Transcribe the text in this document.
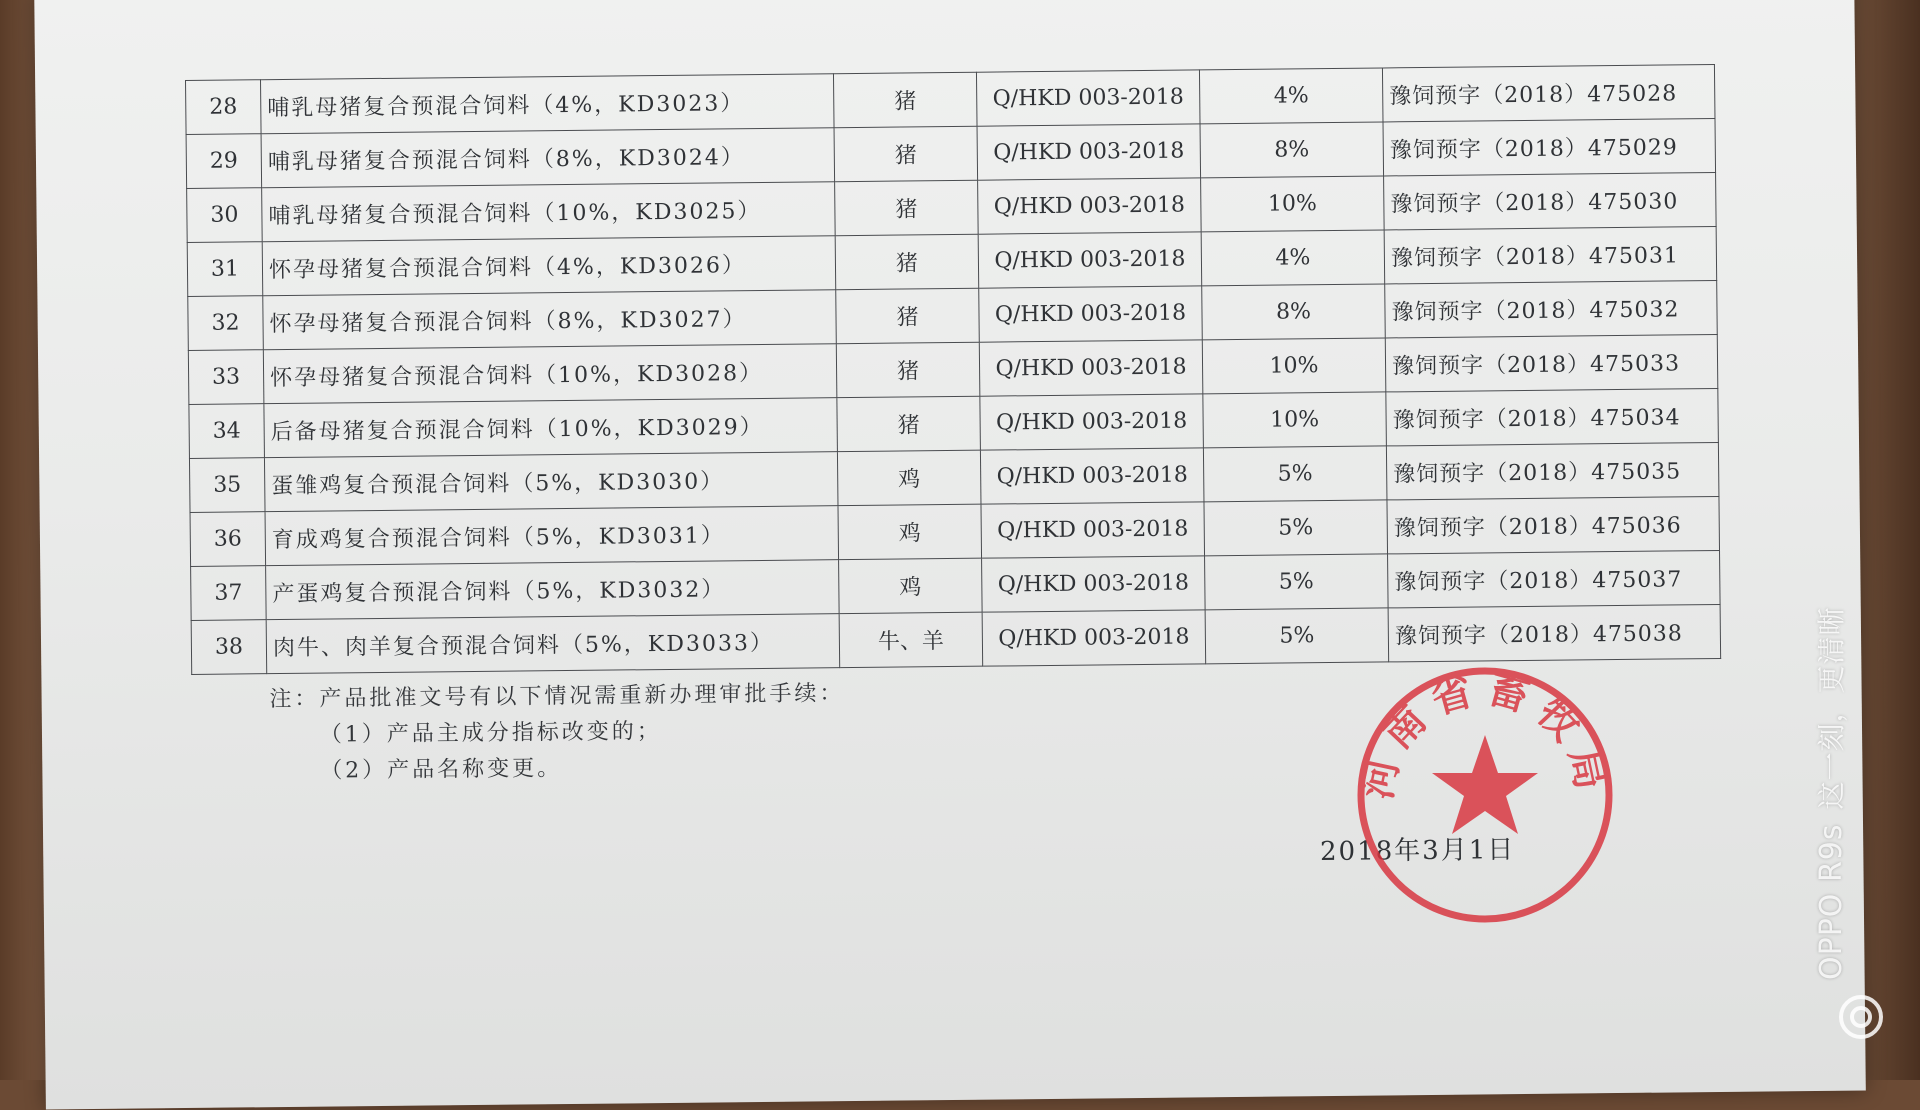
28	哺乳母猪复合预混合饲料（4%，KD3023）	猪	Q/HKD 003-2018	4%	豫饲预字（2018）475028
29	哺乳母猪复合预混合饲料（8%，KD3024）	猪	Q/HKD 003-2018	8%	豫饲预字（2018）475029
30	哺乳母猪复合预混合饲料（10%，KD3025）	猪	Q/HKD 003-2018	10%	豫饲预字（2018）475030
31	怀孕母猪复合预混合饲料（4%，KD3026）	猪	Q/HKD 003-2018	4%	豫饲预字（2018）475031
32	怀孕母猪复合预混合饲料（8%，KD3027）	猪	Q/HKD 003-2018	8%	豫饲预字（2018）475032
33	怀孕母猪复合预混合饲料（10%，KD3028）	猪	Q/HKD 003-2018	10%	豫饲预字（2018）475033
34	后备母猪复合预混合饲料（10%，KD3029）	猪	Q/HKD 003-2018	10%	豫饲预字（2018）475034
35	蛋雏鸡复合预混合饲料（5%，KD3030）	鸡	Q/HKD 003-2018	5%	豫饲预字（2018）475035
36	育成鸡复合预混合饲料（5%，KD3031）	鸡	Q/HKD 003-2018	5%	豫饲预字（2018）475036
37	产蛋鸡复合预混合饲料（5%，KD3032）	鸡	Q/HKD 003-2018	5%	豫饲预字（2018）475037
38	肉牛、肉羊复合预混合饲料（5%，KD3033）	牛、羊	Q/HKD 003-2018	5%	豫饲预字（2018）475038
注：产品批准文号有以下情况需重新办理审批手续：
（1）产品主成分指标改变的；
（2）产品名称变更。
2018年3月1日
河南省畜牧局
OPPO R9s这一刻，更清晰
